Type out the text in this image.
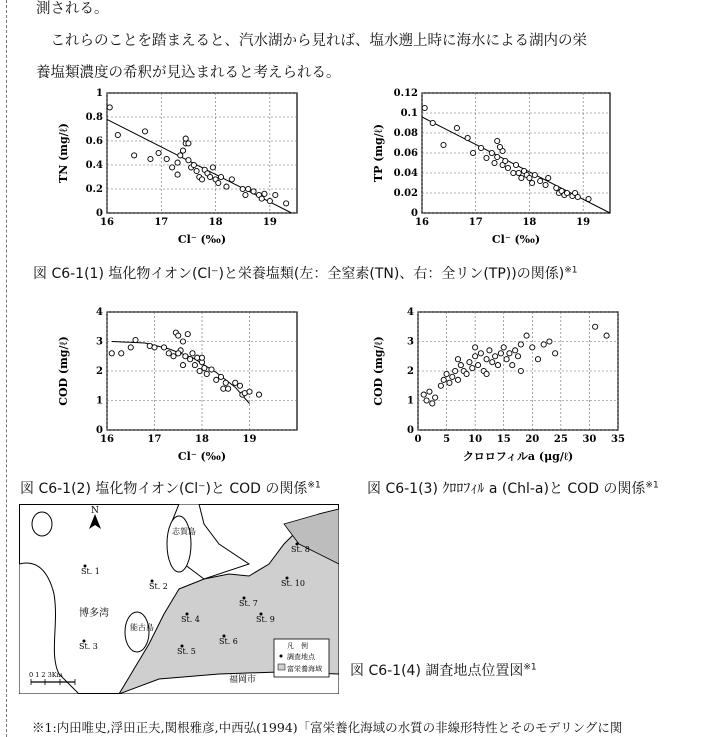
測される。
　これらのことを踏まえると、汽水湖から見れば、塩水遡上時に海水による湖内の栄
養塩類濃度の希釈が見込まれると考えられる。
16	17	18	19
0
0.2
0.4
0.6
0.8
1
Cl⁻ (‰)
TN (mg/ℓ)
16	17	18	19
0
0.02
0.04
0.06
0.08
0.1
0.12
Cl⁻ (‰)
TP (mg/ℓ)
図 C6-1(1) 塩化物イオン(Cl⁻)と栄養塩類(左：全窒素(TN)、右：全リン(TP))の関係)$^{※1}$
16	17	18	19
0
1
2
3
4
Cl⁻ (‰)
COD (mg/ℓ)
0 5 10 15 20 25 30 35
0
1
2
3
4
クロロフィルa (μg/ℓ)
COD (mg/ℓ)
図 C6-1(2) 塩化物イオン(Cl⁻)と COD の関係$^{※1}$	図 C6-1(3) ｸﾛﾛﾌｨﾙ a (Chl-a)と COD の関係$^{※1}$
N
志賀島
能古島
博多湾
福岡市
St. 1
St. 2
St. 3
St. 4
St. 5
St. 6
St. 7
St. 8
St. 9
St. 10
凡　例
調査地点
富栄養海域
0 1 2 3Km	図 C6-1(4) 調査地点位置図$^{※1}$
※1:内田唯史,浮田正夫,関根雅彦,中西弘(1994)「富栄養化海域の水質の非線形特性とそのモデリングに関
